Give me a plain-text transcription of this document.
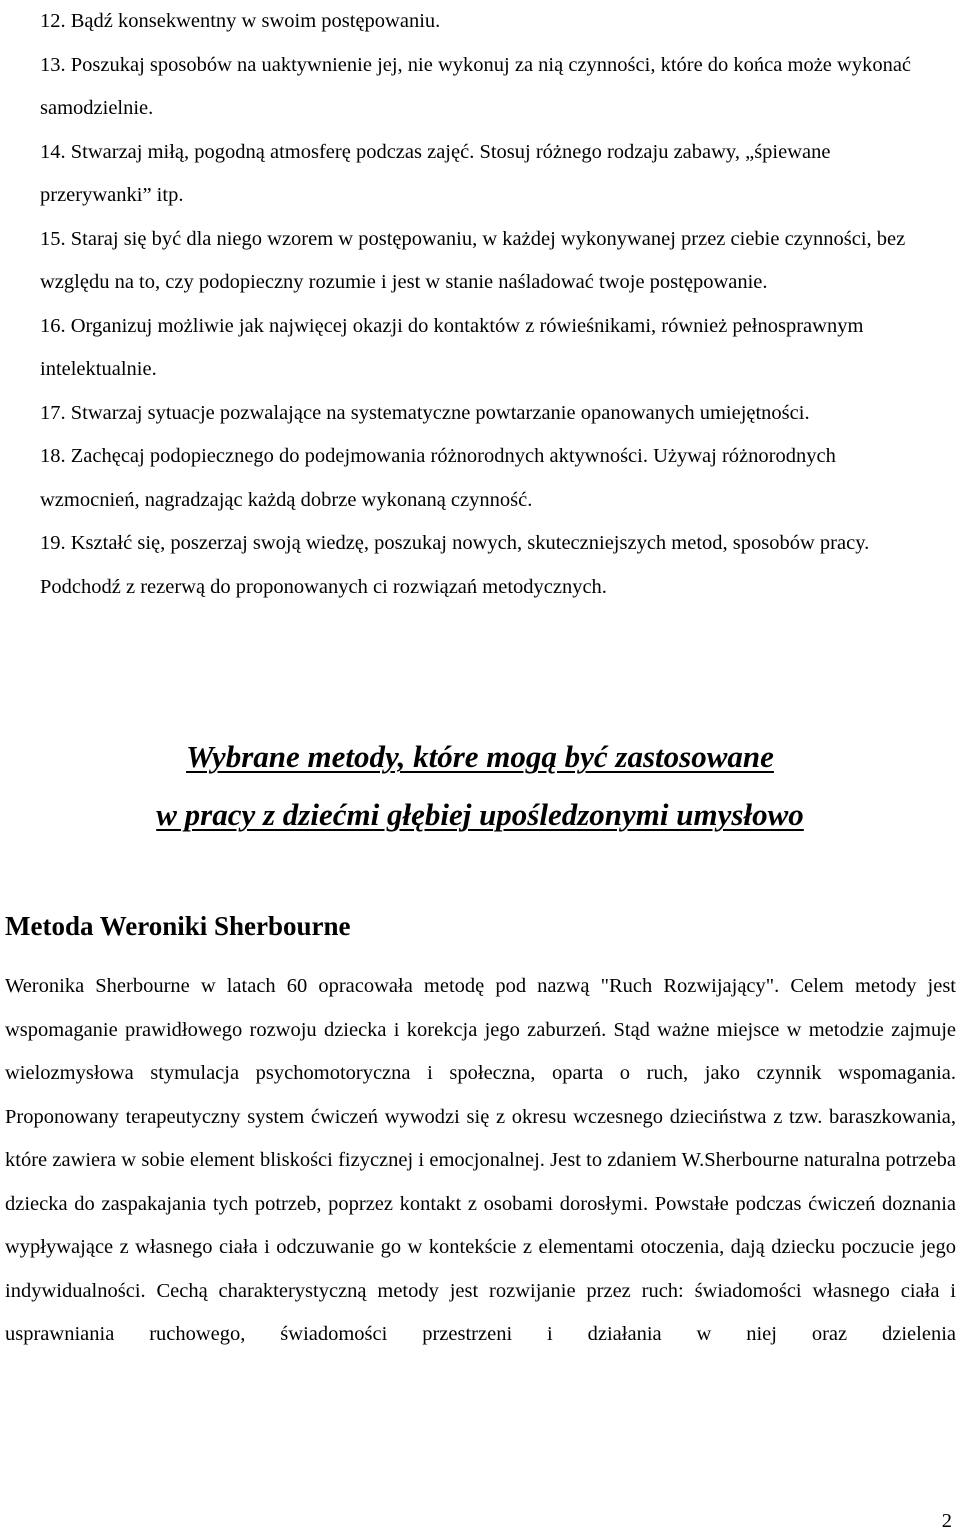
12. Bądź konsekwentny w swoim postępowaniu.

13. Poszukaj sposobów na uaktywnienie jej, nie wykonuj za nią czynności, które do końca może wykonać samodzielnie.

14. Stwarzaj miłą, pogodną atmosferę podczas zajęć. Stosuj różnego rodzaju zabawy, „śpiewane przerywanki” itp.

15. Staraj się być dla niego wzorem w postępowaniu, w każdej wykonywanej przez ciebie czynności, bez względu na to, czy podopieczny rozumie i jest w stanie naśladować twoje postępowanie.

16. Organizuj możliwie jak najwięcej okazji do kontaktów z rówieśnikami, również pełnosprawnym intelektualnie.

17. Stwarzaj sytuacje pozwalające na systematyczne powtarzanie opanowanych umiejętności.

18. Zachęcaj podopiecznego do podejmowania różnorodnych aktywności. Używaj różnorodnych wzmocnień, nagradzając każdą dobrze wykonaną czynność.

19. Kształć się, poszerzaj swoją wiedzę, poszukaj nowych, skuteczniejszych metod, sposobów pracy. Podchodź z rezerwą do proponowanych ci rozwiązań metodycznych.

Wybrane metody, które mogą być zastosowane
w pracy z dziećmi głębiej upośledzonymi umysłowo
Metoda Weroniki Sherbourne

Weronika Sherbourne w latach 60 opracowała metodę pod nazwą "Ruch Rozwijający". Celem metody jest wspomaganie prawidłowego rozwoju dziecka i korekcja jego zaburzeń. Stąd ważne miejsce w metodzie zajmuje wielozmysłowa stymulacja psychomotoryczna i społeczna, oparta o ruch, jako czynnik wspomagania. Proponowany terapeutyczny system ćwiczeń wywodzi się z okresu wczesnego dzieciństwa z tzw. baraszkowania, które zawiera w sobie element bliskości fizycznej i emocjonalnej. Jest to zdaniem W.Sherbourne naturalna potrzeba dziecka do zaspakajania tych potrzeb, poprzez kontakt z osobami dorosłymi. Powstałe podczas ćwiczeń doznania wypływające z własnego ciała i odczuwanie go w kontekście z elementami otoczenia, dają dziecku poczucie jego indywidualności. Cechą charakterystyczną metody jest rozwijanie przez ruch: świadomości własnego ciała i usprawniania ruchowego, świadomości przestrzeni i działania w niej oraz dzielenia

2
